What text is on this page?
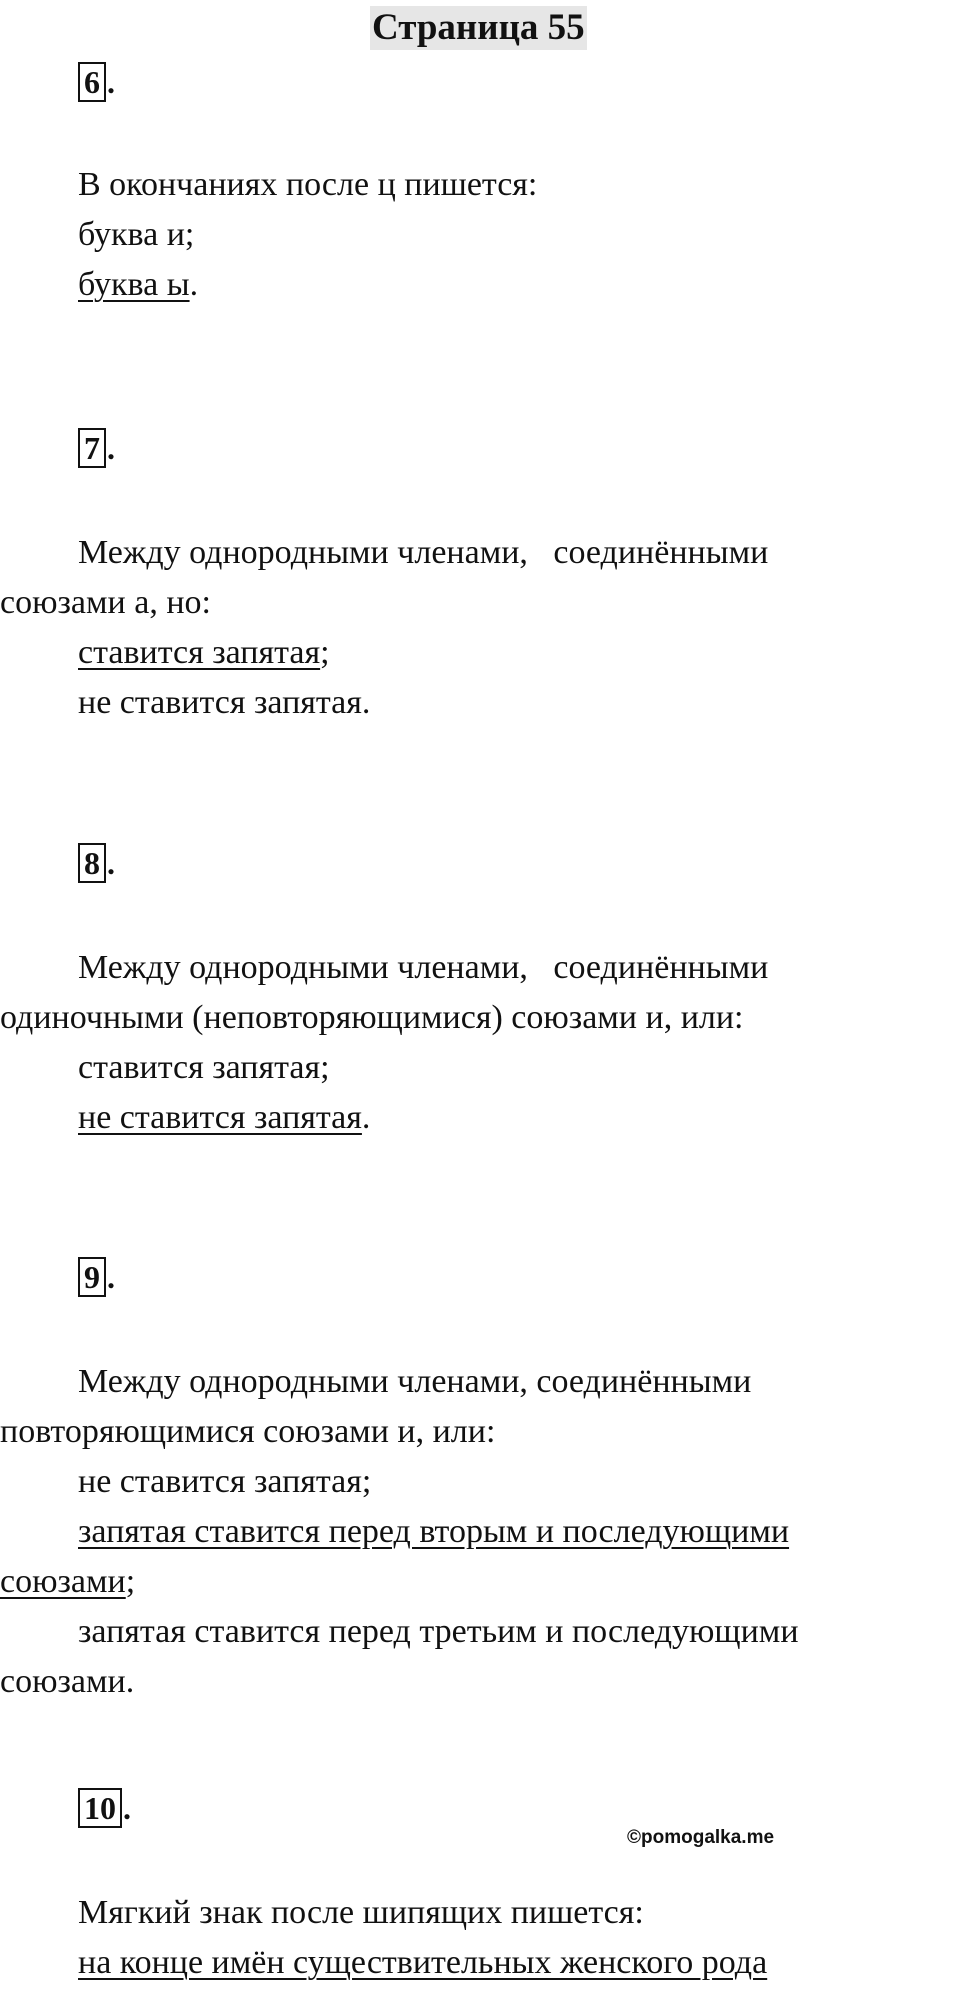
Страница 55
6 .
В окончаниях после ц пишется:
буква и;
буква ы.
7 .
Между однородными членами,   соединёнными
союзами а, но:
ставится запятая;
не ставится запятая.
8 .
Между однородными членами,   соединёнными
одиночными (неповторяющимися) союзами и, или:
ставится запятая;
не ставится запятая.
9 .
Между однородными членами, соединёнными
повторяющимися союзами и, или:
не ставится запятая;
запятая ставится перед вторым и последующими
союзами;
запятая ставится перед третьим и последующими
союзами.
10 .
©pomogalka.me
Мягкий знак после шипящих пишется:
на конце имён существительных женского рода
